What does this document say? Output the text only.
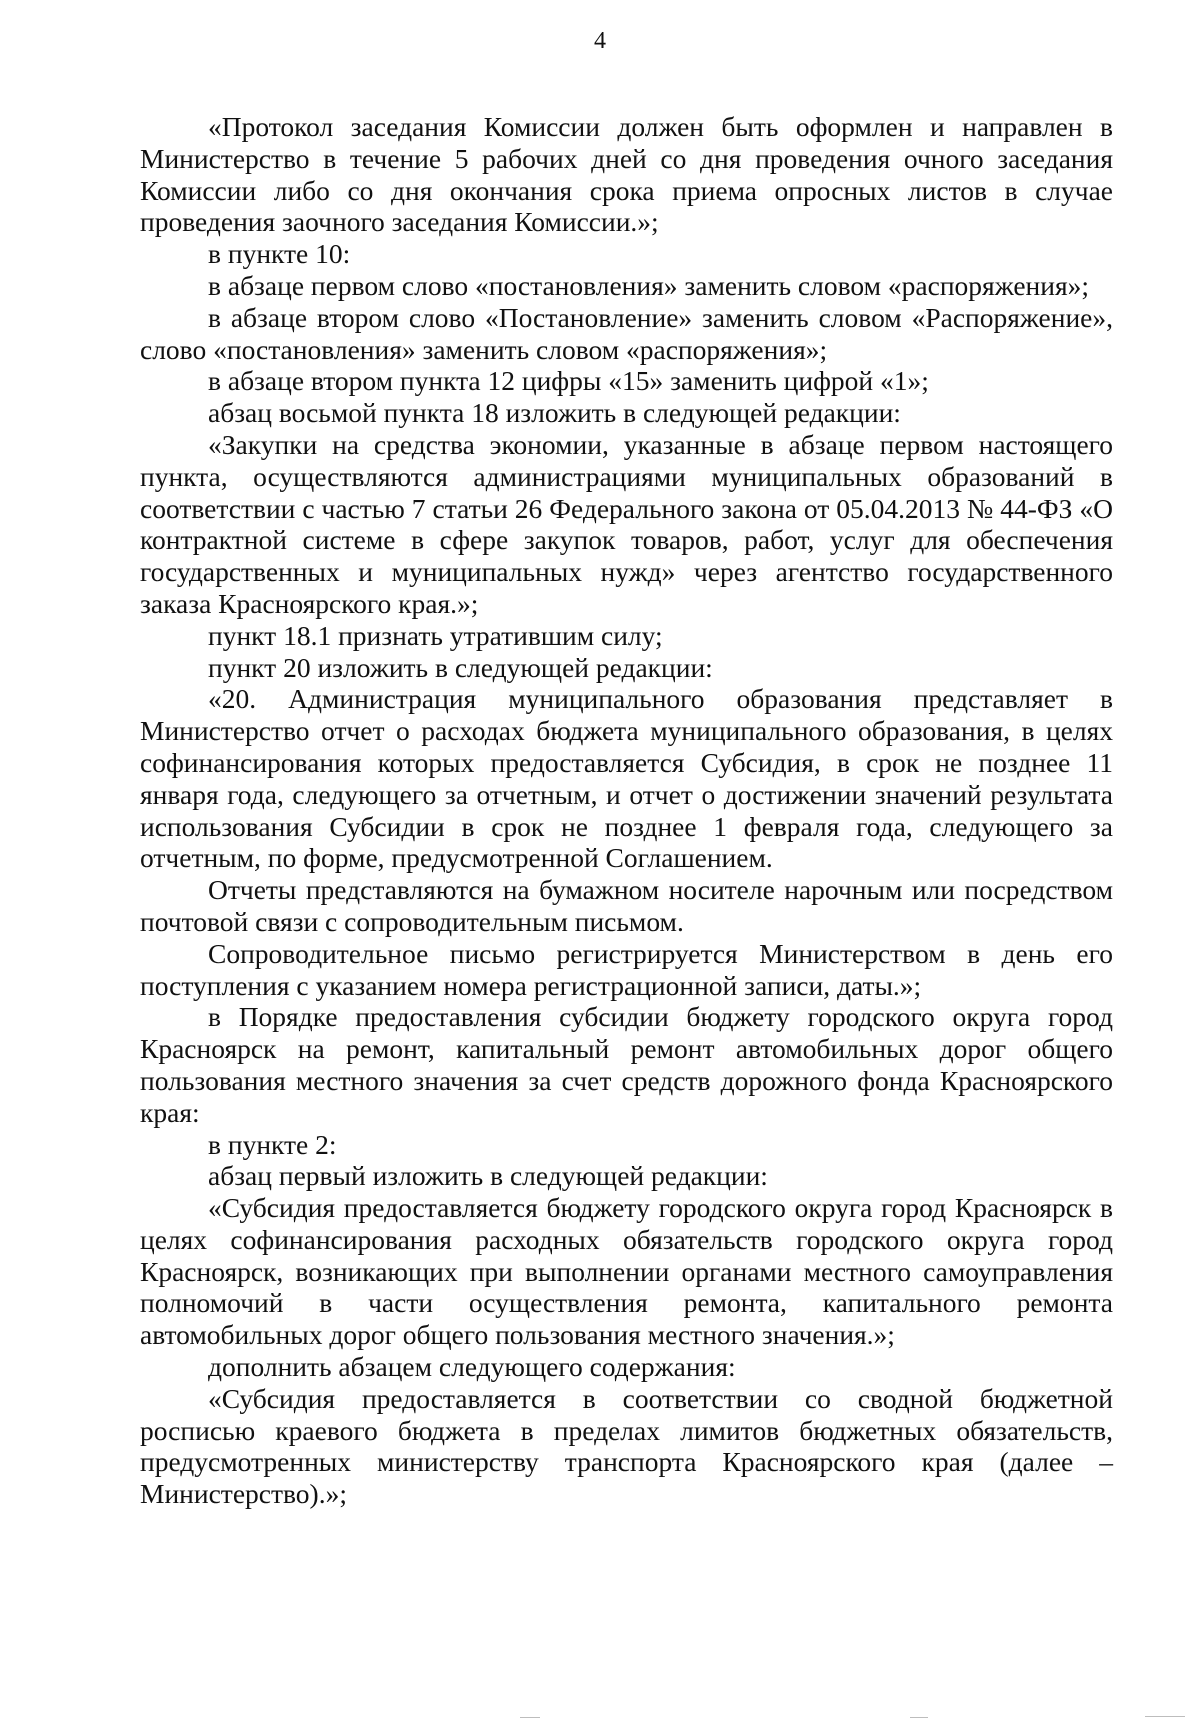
4

«Протокол заседания Комиссии должен быть оформлен и направлен в Министерство в течение 5 рабочих дней со дня проведения очного заседания Комиссии либо со дня окончания срока приема опросных листов в случае проведения заочного заседания Комиссии.»;

в пункте 10:

в абзаце первом слово «постановления» заменить словом «распоряжения»;

в абзаце втором слово «Постановление» заменить словом «Распоряжение», слово «постановления» заменить словом «распоряжения»;

в абзаце втором пункта 12 цифры «15» заменить цифрой «1»;

абзац восьмой пункта 18 изложить в следующей редакции:

«Закупки на средства экономии, указанные в абзаце первом настоящего пункта, осуществляются администрациями муниципальных образований в соответствии с частью 7 статьи 26 Федерального закона от 05.04.2013 № 44-ФЗ «О контрактной системе в сфере закупок товаров, работ, услуг для обеспечения государственных и муниципальных нужд» через агентство государственного заказа Красноярского края.»;

пункт 18.1 признать утратившим силу;

пункт 20 изложить в следующей редакции:

«20. Администрация муниципального образования представляет в Министерство отчет о расходах бюджета муниципального образования, в целях софинансирования которых предоставляется Субсидия, в срок не позднее 11 января года, следующего за отчетным, и отчет о достижении значений результата использования Субсидии в срок не позднее 1 февраля года, следующего за отчетным, по форме, предусмотренной Соглашением.

Отчеты представляются на бумажном носителе нарочным или посредством почтовой связи с сопроводительным письмом.

Сопроводительное письмо регистрируется Министерством в день его поступления с указанием номера регистрационной записи, даты.»;

в Порядке предоставления субсидии бюджету городского округа город Красноярск на ремонт, капитальный ремонт автомобильных дорог общего пользования местного значения за счет средств дорожного фонда Красноярского края:

в пункте 2:

абзац первый изложить в следующей редакции:

«Субсидия предоставляется бюджету городского округа город Красноярск в целях софинансирования расходных обязательств городского округа город Красноярск, возникающих при выполнении органами местного самоуправления полномочий в части осуществления ремонта, капитального ремонта автомобильных дорог общего пользования местного значения.»;

дополнить абзацем следующего содержания:

«Субсидия предоставляется в соответствии со сводной бюджетной росписью краевого бюджета в пределах лимитов бюджетных обязательств, предусмотренных министерству транспорта Красноярского края (далее – Министерство).»;
